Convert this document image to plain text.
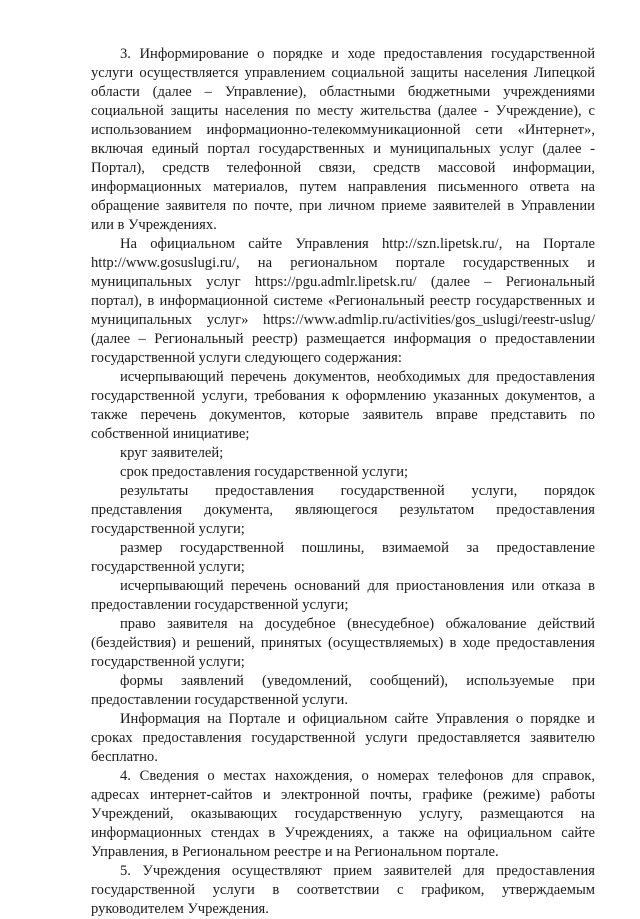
3. Информирование о порядке и ходе предоставления государственной услуги осуществляется управлением социальной защиты населения Липецкой области (далее – Управление), областными бюджетными учреждениями социальной защиты населения по месту жительства (далее - Учреждение), с использованием информационно-телекоммуникационной сети «Интернет», включая единый портал государственных и муниципальных услуг (далее - Портал), средств телефонной связи, средств массовой информации, информационных материалов, путем направления письменного ответа на обращение заявителя по почте, при личном приеме заявителей в Управлении или в Учреждениях.

На официальном сайте Управления http://szn.lipetsk.ru/, на Портале http://www.gosuslugi.ru/, на региональном портале государственных и муниципальных услуг https://pgu.admlr.lipetsk.ru/ (далее – Региональный портал), в информационной системе «Региональный реестр государственных и муниципальных услуг» https://www.admlip.ru/activities/gos_uslugi/reestr-uslug/ (далее – Региональный реестр) размещается информация о предоставлении государственной услуги следующего содержания:

исчерпывающий перечень документов, необходимых для предоставления государственной услуги, требования к оформлению указанных документов, а также перечень документов, которые заявитель вправе представить по собственной инициативе;

круг заявителей;

срок предоставления государственной услуги;

результаты предоставления государственной услуги, порядок представления документа, являющегося результатом предоставления государственной услуги;

размер государственной пошлины, взимаемой за предоставление государственной услуги;

исчерпывающий перечень оснований для приостановления или отказа в предоставлении государственной услуги;

право заявителя на досудебное (внесудебное) обжалование действий (бездействия) и решений, принятых (осуществляемых) в ходе предоставления государственной услуги;

формы заявлений (уведомлений, сообщений), используемые при предоставлении государственной услуги.

Информация на Портале и официальном сайте Управления о порядке и сроках предоставления государственной услуги предоставляется заявителю бесплатно.

4. Сведения о местах нахождения, о номерах телефонов для справок, адресах интернет-сайтов и электронной почты, графике (режиме) работы Учреждений, оказывающих государственную услугу, размещаются на информационных стендах в Учреждениях, а также на официальном сайте Управления, в Региональном реестре и на Региональном портале.

5. Учреждения осуществляют прием заявителей для предоставления государственной услуги в соответствии с графиком, утверждаемым руководителем Учреждения.
